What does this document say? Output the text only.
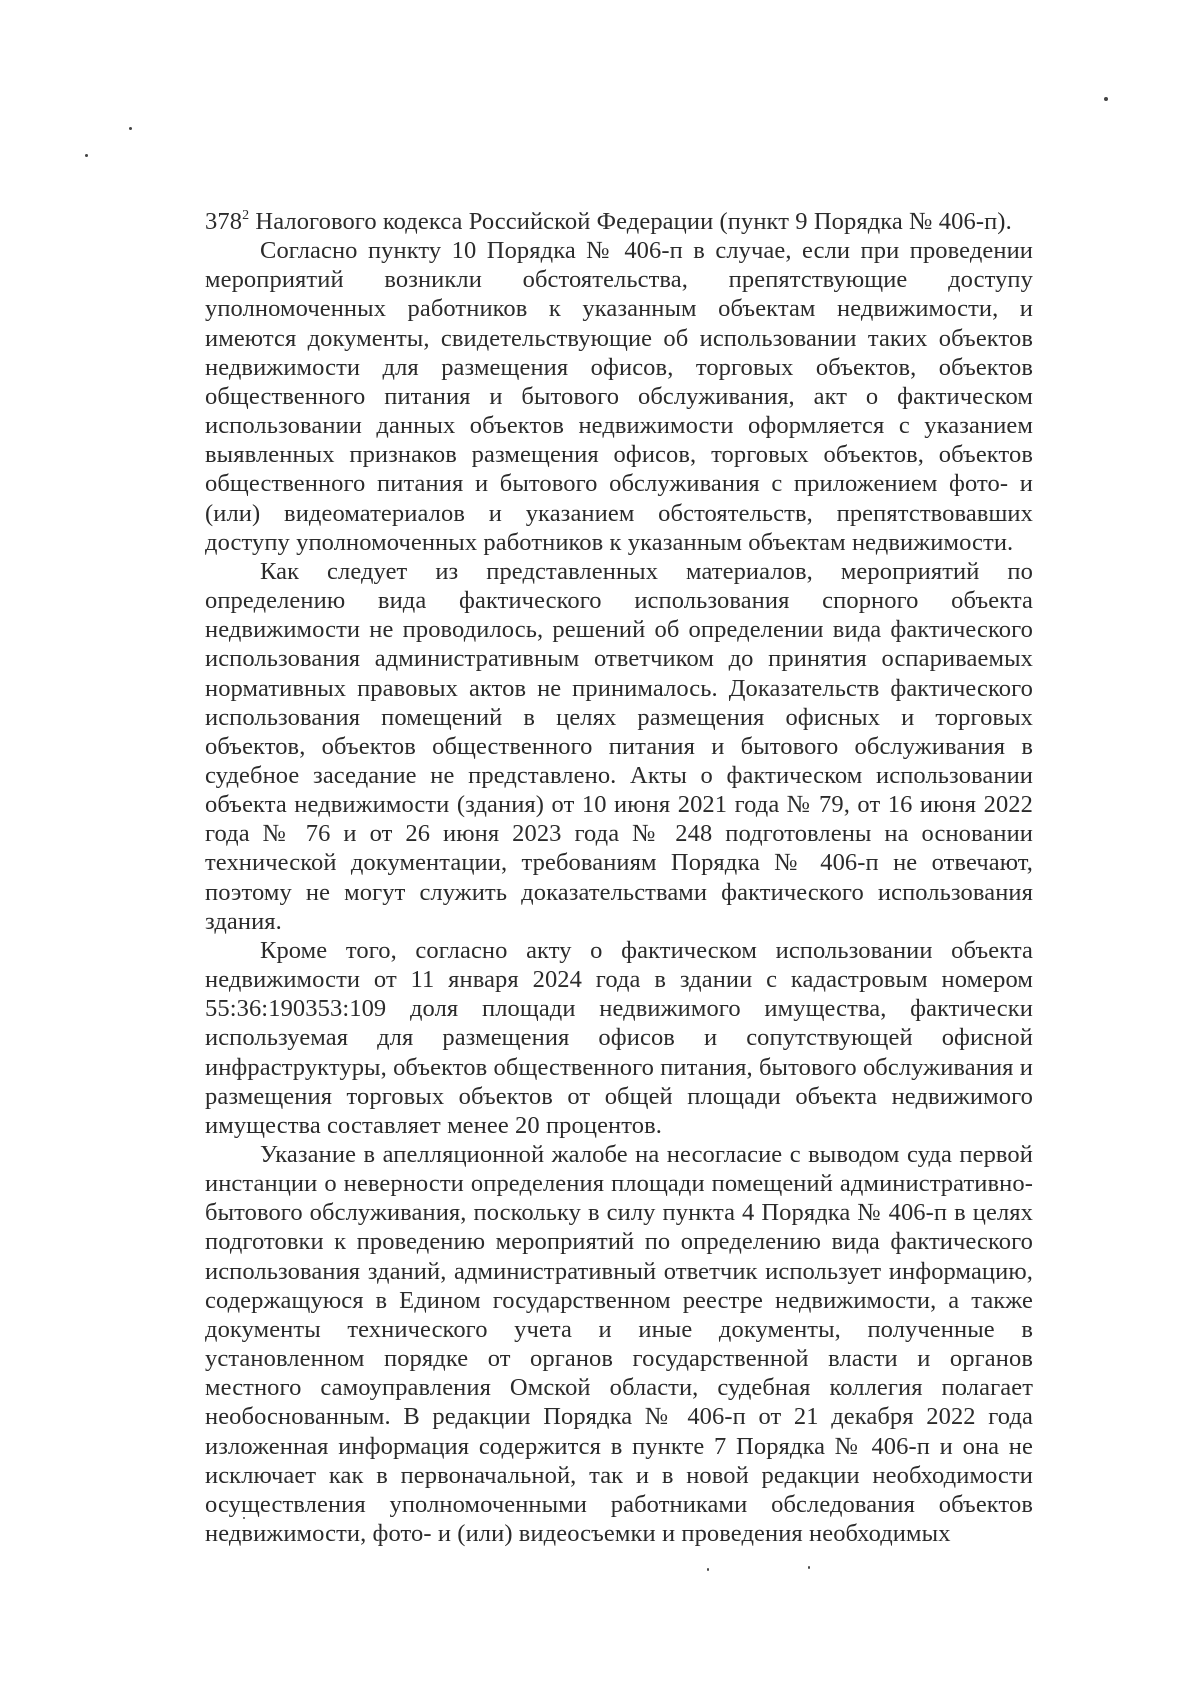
$378^2$ Налогового кодекса Российской Федерации (пункт 9 Порядка № 406-п).

Согласно пункту 10 Порядка № 406-п в случае, если при проведении мероприятий возникли обстоятельства, препятствующие доступу уполномоченных работников к указанным объектам недвижимости, и имеются документы, свидетельствующие об использовании таких объектов недвижимости для размещения офисов, торговых объектов, объектов общественного питания и бытового обслуживания, акт о фактическом использовании данных объектов недвижимости оформляется с указанием выявленных признаков размещения офисов, торговых объектов, объектов общественного питания и бытового обслуживания с приложением фото- и (или) видеоматериалов и указанием обстоятельств, препятствовавших доступу уполномоченных работников к указанным объектам недвижимости.

Как следует из представленных материалов, мероприятий по определению вида фактического использования спорного объекта недвижимости не проводилось, решений об определении вида фактического использования административным ответчиком до принятия оспариваемых нормативных правовых актов не принималось. Доказательств фактического использования помещений в целях размещения офисных и торговых объектов, объектов общественного питания и бытового обслуживания в судебное заседание не представлено. Акты о фактическом использовании объекта недвижимости (здания) от 10 июня 2021 года № 79, от 16 июня 2022 года № 76 и от 26 июня 2023 года № 248 подготовлены на основании технической документации, требованиям Порядка № 406-п не отвечают, поэтому не могут служить доказательствами фактического использования здания.

Кроме того, согласно акту о фактическом использовании объекта недвижимости от 11 января 2024 года в здании с кадастровым номером 55:36:190353:109 доля площади недвижимого имущества, фактически используемая для размещения офисов и сопутствующей офисной инфраструктуры, объектов общественного питания, бытового обслуживания и размещения торговых объектов от общей площади объекта недвижимого имущества составляет менее 20 процентов.

Указание в апелляционной жалобе на несогласие с выводом суда первой инстанции о неверности определения площади помещений административно-бытового обслуживания, поскольку в силу пункта 4 Порядка № 406-п в целях подготовки к проведению мероприятий по определению вида фактического использования зданий, административный ответчик использует информацию, содержащуюся в Едином государственном реестре недвижимости, а также документы технического учета и иные документы, полученные в установленном порядке от органов государственной власти и органов местного самоуправления Омской области, судебная коллегия полагает необоснованным. В редакции Порядка № 406-п от 21 декабря 2022 года изложенная информация содержится в пункте 7 Порядка № 406-п и она не исключает как в первоначальной, так и в новой редакции необходимости осуществления уполномоченными работниками обследования объектов недвижимости, фото- и (или) видеосъемки и проведения необходимых
